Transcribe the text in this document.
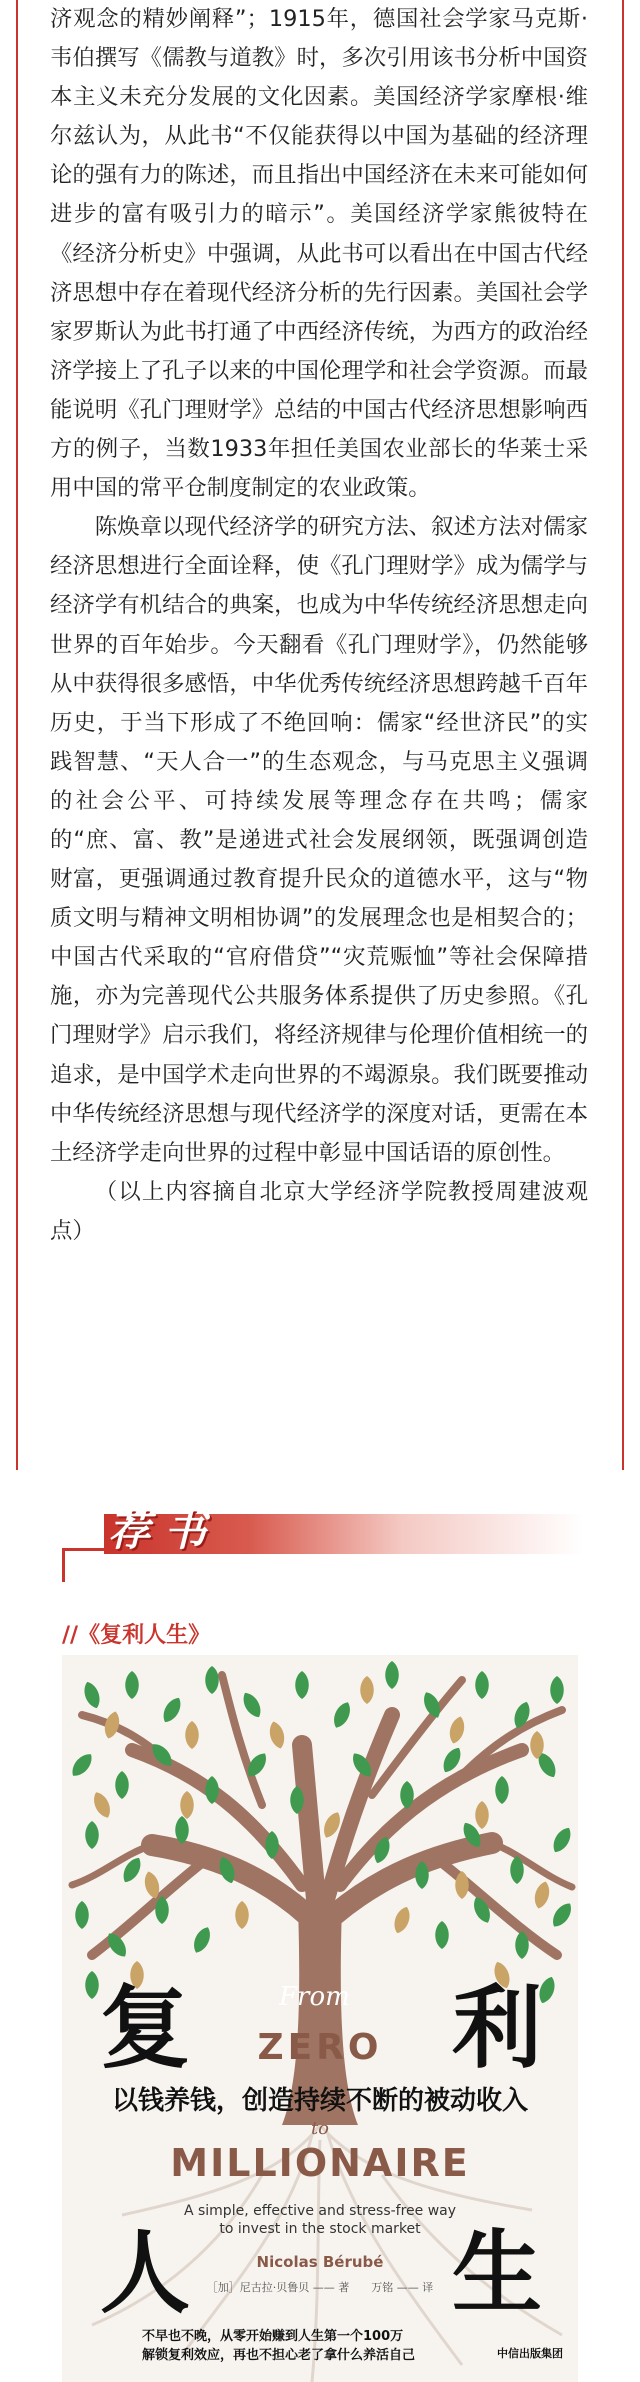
济观念的精妙阐释”；1915年，德国社会学家马克斯·韦伯撰写《儒教与道教》时，多次引用该书分析中国资本主义未充分发展的文化因素。美国经济学家摩根·维尔兹认为，从此书“不仅能获得以中国为基础的经济理论的强有力的陈述，而且指出中国经济在未来可能如何进步的富有吸引力的暗示”。美国经济学家熊彼特在《经济分析史》中强调，从此书可以看出在中国古代经济思想中存在着现代经济分析的先行因素。美国社会学家罗斯认为此书打通了中西经济传统，为西方的政治经济学接上了孔子以来的中国伦理学和社会学资源。而最能说明《孔门理财学》总结的中国古代经济思想影响西方的例子，当数1933年担任美国农业部长的华莱士采用中国的常平仓制度制定的农业政策。

陈焕章以现代经济学的研究方法、叙述方法对儒家经济思想进行全面诠释，使《孔门理财学》成为儒学与经济学有机结合的典案，也成为中华传统经济思想走向世界的百年始步。今天翻看《孔门理财学》，仍然能够从中获得很多感悟，中华优秀传统经济思想跨越千百年历史，于当下形成了不绝回响：儒家“经世济民”的实践智慧、“天人合一”的生态观念，与马克思主义强调的社会公平、可持续发展等理念存在共鸣；儒家的“庶、富、教”是递进式社会发展纲领，既强调创造财富，更强调通过教育提升民众的道德水平，这与“物质文明与精神文明相协调”的发展理念也是相契合的；中国古代采取的“官府借贷”“灾荒赈恤”等社会保障措施，亦为完善现代公共服务体系提供了历史参照。《孔门理财学》启示我们，将经济规律与伦理价值相统一的追求，是中国学术走向世界的不竭源泉。我们既要推动中华传统经济思想与现代经济学的深度对话，更需在本土经济学走向世界的过程中彰显中国话语的原创性。

（以上内容摘自北京大学经济学院教授周建波观点）

荐书
//《复利人生》
复	利
人	生
From
ZERO
以钱养钱，创造持续不断的被动收入
to
MILLIONAIRE
A simple, effective and stress-free way
to invest in the stock market
Nicolas Bérubé
［加］尼古拉·贝鲁贝 —— 著　　万铭 —— 译
不早也不晚，从零开始赚到人生第一个100万
解锁复利效应，再也不担心老了拿什么养活自己	中信出版集团
